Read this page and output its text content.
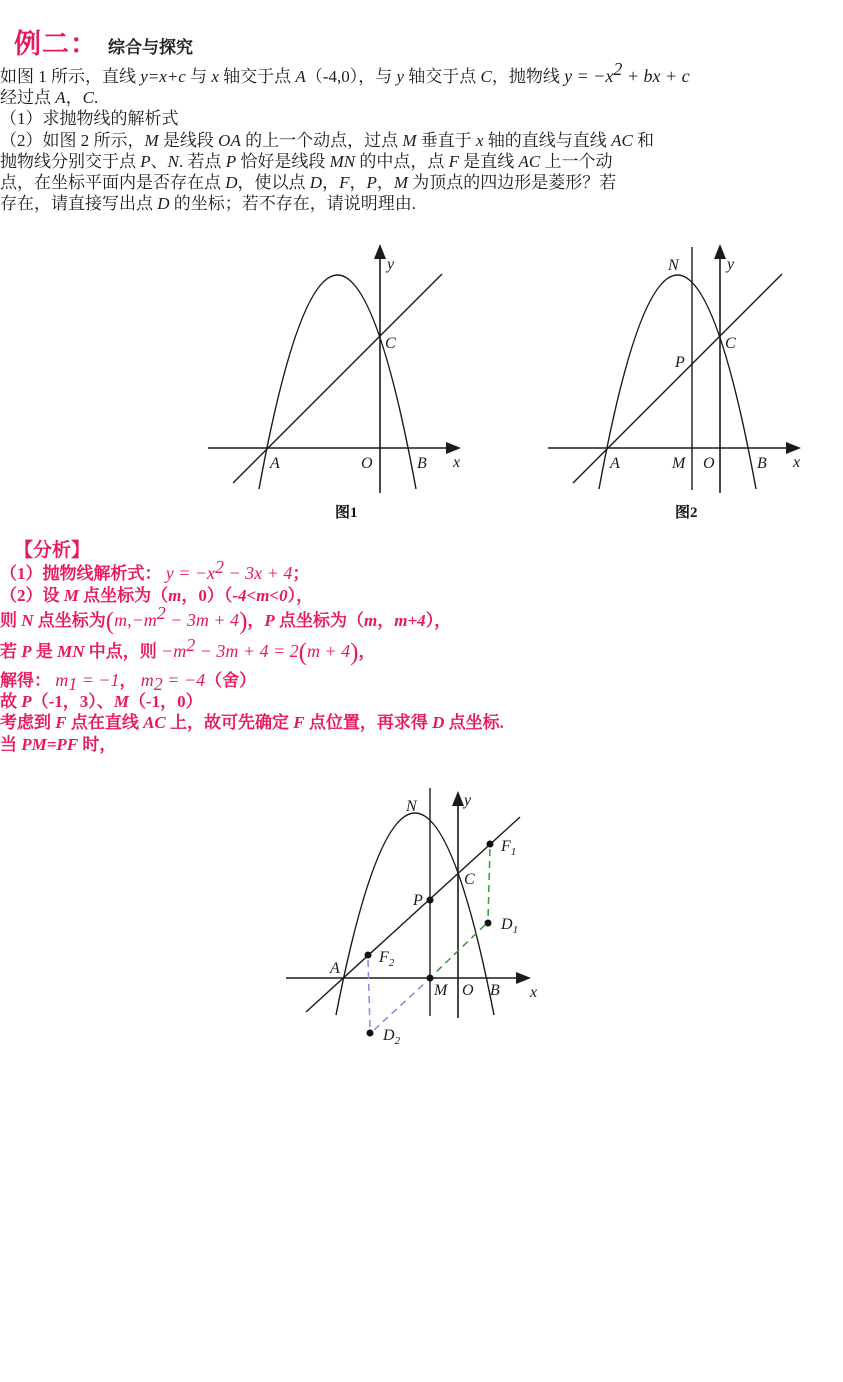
例二： 综合与探究

如图 1 所示，直线 y=x+c 与 x 轴交于点 A（-4,0），与 y 轴交于点 C，抛物线 $y = -x^2$ + bx + c

经过点 A，C.

（1）求抛物线的解析式

（2）如图 2 所示，M 是线段 OA 的上一个动点，过点 M 垂直于 x 轴的直线与直线 AC 和

抛物线分别交于点 P、N. 若点 P 恰好是线段 MN 的中点，点 F 是直线 AC 上一个动

点，在坐标平面内是否存在点 D，使以点 D，F，P，M 为顶点的四边形是菱形？若

存在，请直接写出点 D 的坐标；若不存在，请说明理由.

y
x
A	O	B
C
图1
y
x
N
P
A	M O	B
C
图2
【分析】

（1）抛物线解析式： $y = -x^2 - 3x + 4$；

（2）设 M 点坐标为（m，0）（-4<m<0），

则 N 点坐标为$(m,-m^2 - 3m + 4)$，P 点坐标为（m，m+4），

若 P 是 MN 中点，则 $-m^2 - 3m + 4 = 2(m + 4)$，

解得： $m_1 = -1$， $m_2 = -4$（舍）

故 P（-1，3）、M（-1，0）

考虑到 F 点在直线 AC 上，故可先确定 F 点位置，再求得 D 点坐标.

当 PM=PF 时，

y
x
N
P
C
A
M O B
$F_1$
$D_1$
$F_2$
$D_2$
